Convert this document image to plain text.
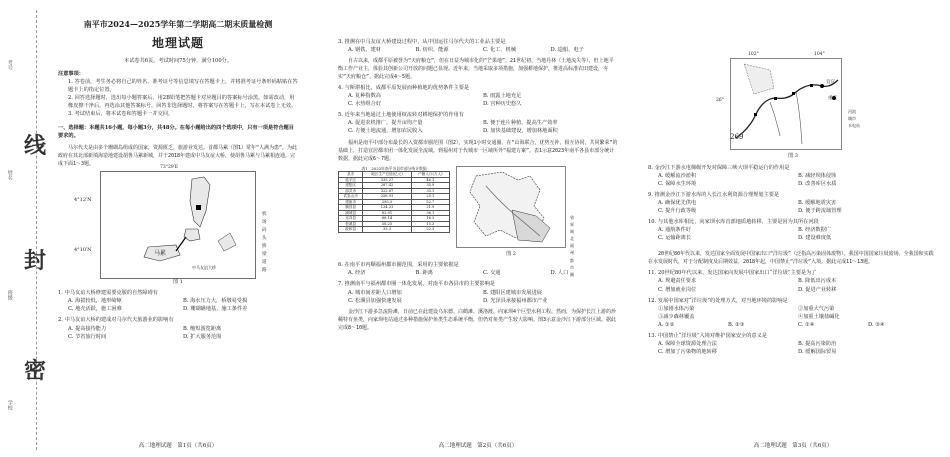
线
封
密
学校
班级
姓名
考号
南平市2024—2025学年第二学期高二期末质量检测
地理试题
本试卷共6页。考试时间75分钟，满分100分。
注意事项：
1. 答卷前，考生务必将自己的姓名、准考证号等信息填写在答题卡上，并将准考证号条形码粘贴在答题卡上的指定位置。
2. 回答选择题时，选出每小题答案后，用2B铅笔把答题卡对应题目的答案标号涂黑。如需改动，用橡皮擦干净后，再选涂其他答案标号。回答非选择题时，将答案写在答题卡上，写在本试卷上无效。
3. 考试结束后，将本试卷和答题卡一并交回。
一、选择题：本题共16小题，每小题3分，共48分。在每小题给出的四个选项中，只有一项是符合题目要求的。
马尔代夫是由多个珊瑚岛组成的国家，资源匮乏，旅游业发达。首都马累（图1）常年“人满为患”，为此政府在其北部新填海造地建设胡鲁马累新城，并于2018年建成中马友谊大桥，使胡鲁马累与马累相连通。完成下面1～3题。
4°12′N
4°10′N
73°29′E
马累
中马友谊大桥
机场
码头
桥梁
道路
图 1
1. 中马友谊大桥修建需要克服的自然障碍有
A. 海拔较低，地形崎岖	B. 海水压力大，桥墩易受损
C. 地壳活跃，施工困难	D. 珊瑚礁地基，施工条件差
2. 中马友谊大桥的建成对马尔代夫旅游业的影响有
A. 提高接待能力	B. 缩短游览距离
C. 节省旅行时间	D. 扩大服务范围
高二地理试题　第1页（共6页）
3. 推测在中马友谊大桥建设过程中，从中国运往马尔代夫的工业品主要是
A. 钢铁、建材	B. 纺织、能源	C. 化工、机械	D. 造船、电子
自古以来，成都平原被誉为“天府粮仓”，但在日益为城市化的“芒果地”。21世纪初，当地丹林（土地流失等），但上地平衡工作产业主，体验其创新公司开放的问题已显现。近年来，当地采取多项措施，加强耕地保护，推进高标准农田建设，夯实“天府粮仓”。据此完成4～5题。
4. 与斯堪相比，成都平原发展而种植地的优势条件主要是
A. 复种指数高	B. 雨露土地充足
C. 水热组合好	D. 宫种历史悠久
5. 近年来当地通过土地使用权流转对耕地保护的作用有
A. 促进农机推广，提升亩均产量	B. 便于连片种植，提高生产效率
C. 方便土地流通，增加农民收入	D. 加快基础建设，增加林地面积
福州是南平中部分布最长的入资都市圈范围（图2），实现1小时交通圈。在“山海联合，优势互补，相互协同，共同繁荣”的基础上，打造宜居都市团一体化发展全流域。到福州对于代城市一区域所外“福建方案”。表1示意2023年南平各县市部分统计数据。据此完成6～7题。
表1　2023年南平各县市部分统计数据
县市	地区生产总值(亿元)	户籍人口(万人)
延平区	335.27	46.1
建阳区	287.42	35.9
邵武市	322.87	33.1
武夷山市	256.91	25.1
建瓯市	295.3	52.7
顺昌县	134.31	21.9
浦城县	82.91	36.1
光泽县	68.14	16.3
松溪县	58.25	15.3
政和县	33.3	22.3
省界
闽北
福州都市圈
图 2
6. 在南平市内顺福州都市圈范围，采用的主要依据是
A. 经济	B. 距离	C. 交通	D. 人口
7. 推测南平与福州都市圈一体化发展，对南平市各县市的主要影响是
A. 城市间差距人口增加	B. 建阳区建城市发展进展
C. 松溪县加强快速发展	D. 光泽县承接福州都市产业
金沙江下游多急流险滩，日前已在此建设乌东德、白鹤滩、溪洛渡、向家坝4个巨型水利工程。然而，为保护长江上游的珍稀特有鱼类，向家坝电站通过多种措施保护鱼类生态系统平衡，但仍对鱼类产生较大影响。图3示意金沙江下游部分区域。据此完成8～10题。
高二地理试题　第2页（共6页）
102°	104°
26°
宜宾
重庆
269
河流
城市
水电站
图 3
8. 金沙江下游水电梯级开发对保障三峡大坝平稳运行的作用是
A. 缓解流沙淤积	B. 减轻坝体侵蚀
C. 保障水生环境	D. 改善库区水质
9. 推测金沙江下游水库的人长江水利资源合理规划主要是
A. 确保优先供电	B. 缓解地震灾害
C. 提升行政等级	D. 便于跨流域管理
10. 与其他水库相比，向家坝水库首部地质地转移，主要是因为其所在河段
A. 通航条件好	B. 经济数据广
C. 运输距离长	D. 建设难度低
20世纪80年代以来，发达国家全面发展中国家出口“洋垃圾”（泛指高污染固体废物）。我国中国国家垃圾废场、全我国和实践在水发展时代，对于分配制度及后期效益，2018年起，中国禁止“洋垃圾”入境。据此完成11～13题。
11. 20世纪80年代以来，发达国家向发展中国家出口“洋垃圾”主要是为了
A. 规避责任要求	B. 降低出污成本
C. 增加就业岗位	D. 促进产业转移
12. 发展中国家对“洋垃圾”的处理方式，对当地环境的影响是
①加剧水体污染	②加重大气污染
③减少森林覆盖	④加重土壤盐碱化
A. ①②	B. ②③	C. ①④	D. ③④
13. 中国禁止“洋垃圾”入境对维护国家安全的意义是
A. 保障全球资源处理合法	B. 提高污染防治
C. 增加了污染物的地转移	D. 缓解国际贸易
高二地理试题　第3页（共6页）
